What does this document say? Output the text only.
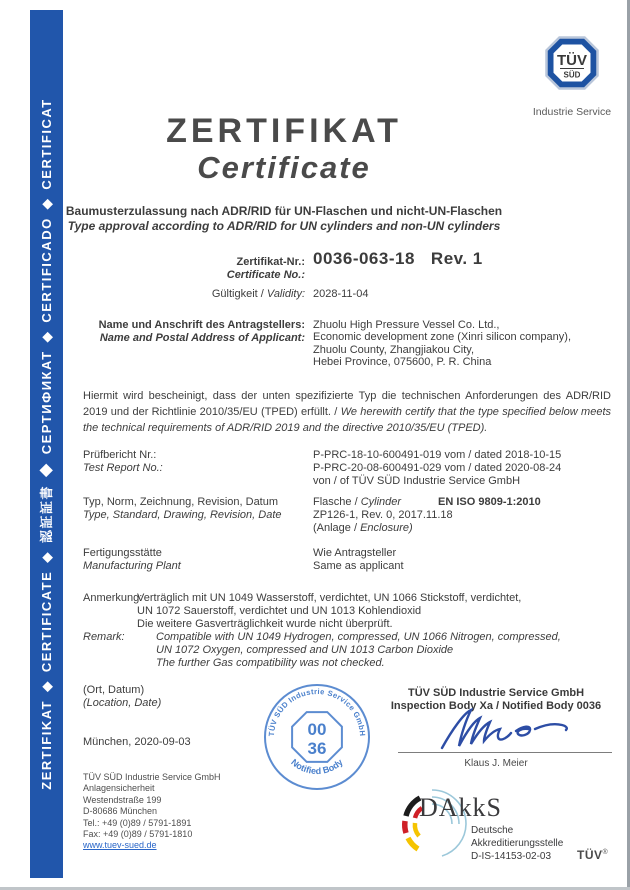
ZERTIFIKAT ◆ CERTIFICATE ◆ 認証証書 ◆ СЕРТИФИКАТ ◆ CERTIFICADO ◆ CERTIFICAT
TÜV
SÜD
Industrie Service
ZERTIFIKAT
Certificate
Baumusterzulassung nach ADR/RID für UN-Flaschen und nicht-UN-Flaschen
Type approval according to ADR/RID for UN cylinders and non-UN cylinders
Zertifikat-Nr.:
Certificate No.:
0036-063-18 Rev. 1
Gültigkeit / Validity: 2028-11-04
Name und Anschrift des Antragstellers:
Name and Postal Address of Applicant:
Zhuolu High Pressure Vessel Co. Ltd.,
Economic development zone (Xinri silicon company),
Zhuolu County, Zhangjiakou City,
Hebei Province, 075600, P. R. China
Hiermit wird bescheinigt, dass der unten spezifizierte Typ die technischen Anforderungen des ADR/RID 2019 und der Richtlinie 2010/35/EU (TPED) erfüllt. / We herewith certify that the type specified below meets the technical requirements of ADR/RID 2019 and the directive 2010/35/EU (TPED).
Prüfbericht Nr.:
Test Report No.:
P-PRC-18-10-600491-019 vom / dated 2018-10-15
P-PRC-20-08-600491-029 vom / dated 2020-08-24
von / of TÜV SÜD Industrie Service GmbH
Typ, Norm, Zeichnung, Revision, Datum
Type, Standard, Drawing, Revision, Date
Flasche / Cylinder
ZP126-1, Rev. 0, 2017.11.18
(Anlage / Enclosure)
EN ISO 9809-1:2010
Fertigungsstätte
Manufacturing Plant
Wie Antragsteller
Same as applicant
Anmerkung:
Verträglich mit UN 1049 Wasserstoff, verdichtet, UN 1066 Stickstoff, verdichtet,
UN 1072 Sauerstoff, verdichtet und UN 1013 Kohlendioxid
Die weitere Gasverträglichkeit wurde nicht überprüft.
Remark:	Compatible with UN 1049 Hydrogen, compressed, UN 1066 Nitrogen, compressed,
UN 1072 Oxygen, compressed and UN 1013 Carbon Dioxide
The further Gas compatibility was not checked.
(Ort, Datum)
(Location, Date)
München, 2020-09-03
TÜV SÜD Industrie Service GmbH
00
36
Notified Body
TÜV SÜD Industrie Service GmbH
Inspection Body Xa / Notified Body 0036
Klaus J. Meier
TÜV SÜD Industrie Service GmbH
Anlagensicherheit
Westendstraße 199
D-80686 München
Tel.: +49 (0)89 / 5791-1891
Fax: +49 (0)89 / 5791-1810
www.tuev-sued.de
DAkkS
Deutsche
Akkreditierungsstelle
D-IS-14153-02-03	TÜV®
